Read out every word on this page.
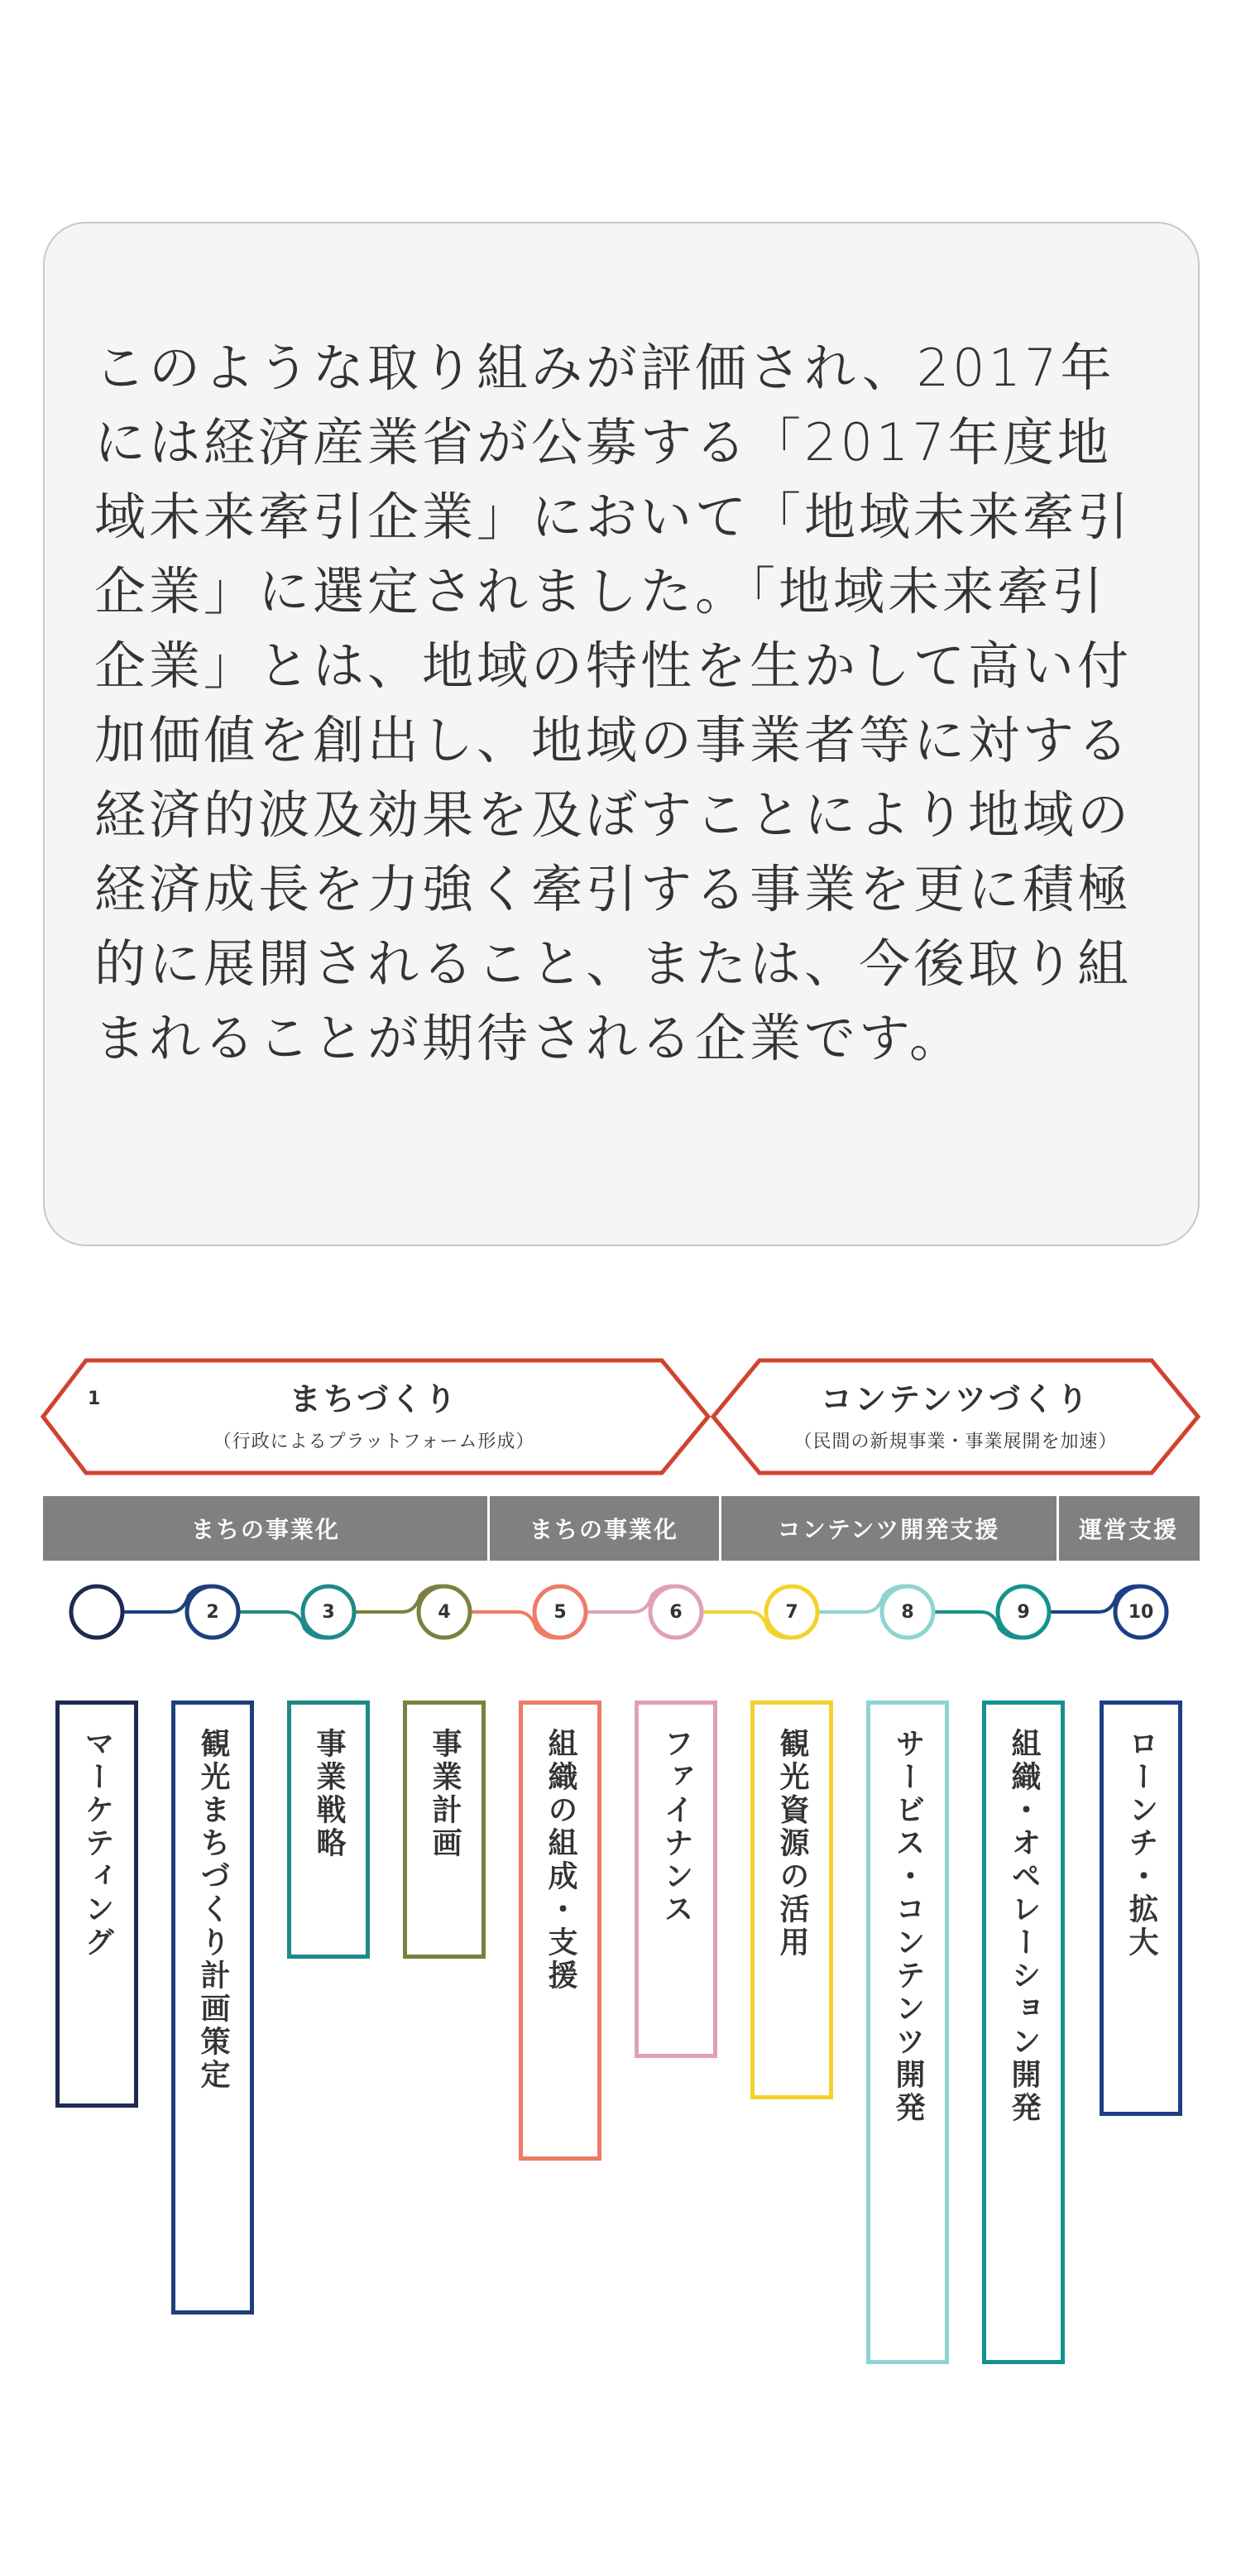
このような取り組みが評価され、2017年には経済産業省が公募する「2017年度地域未来牽引企業」において「地域未来牽引企業」に選定されました。「地域未来牽引企業」とは、地域の特性を生かして高い付加価値を創出し、地域の事業者等に対する経済的波及効果を及ぼすことにより地域の経済成長を力強く牽引する事業を更に積極的に展開されること、または、今後取り組まれることが期待される企業です。

1	まちづくり
（行政によるプラットフォーム形成）
コンテンツづくり
（民間の新規事業・事業展開を加速）
まちの事業化	まちの事業化	コンテンツ開発支援	運営支援
2	3	4	5	6	7	8	9	10
マーケティング	観光まちづくり計画策定	事業戦略	事業計画	組織の組成・支援	ファイナンス	観光資源の活用	サービス・コンテンツ開発	組織・オペレーション開発	ローンチ・拡大
